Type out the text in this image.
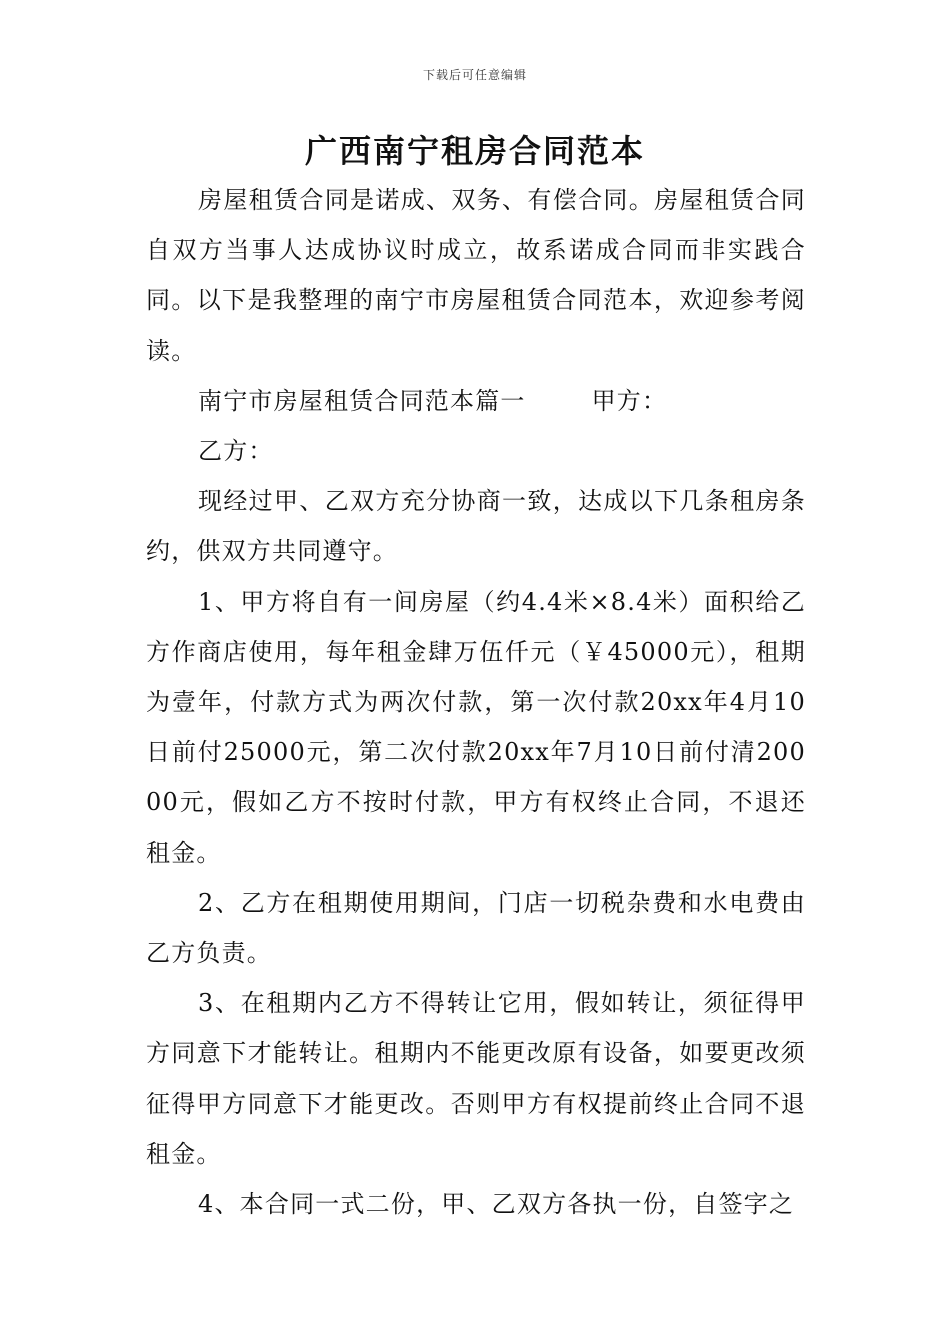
下载后可任意编辑
广西南宁租房合同范本

房屋租赁合同是诺成、双务、有偿合同。房屋租赁合同自双方当事人达成协议时成立，故系诺成合同而非实践合同。以下是我整理的南宁市房屋租赁合同范本，欢迎参考阅读。

南宁市房屋租赁合同范本篇一	甲方：

乙方：

现经过甲、乙双方充分协商一致，达成以下几条租房条约，供双方共同遵守。

1、甲方将自有一间房屋（约4.4米×8.4米）面积给乙方作商店使用，每年租金肆万伍仟元（￥45000元），租期为壹年，付款方式为两次付款，第一次付款20xx年4月10日前付25000元，第二次付款20xx年7月10日前付清20000元，假如乙方不按时付款，甲方有权终止合同，不退还租金。

2、乙方在租期使用期间，门店一切税杂费和水电费由乙方负责。

3、在租期内乙方不得转让它用，假如转让，须征得甲方同意下才能转让。租期内不能更改原有设备，如要更改须征得甲方同意下才能更改。否则甲方有权提前终止合同不退租金。

4、本合同一式二份，甲、乙双方各执一份，自签字之
